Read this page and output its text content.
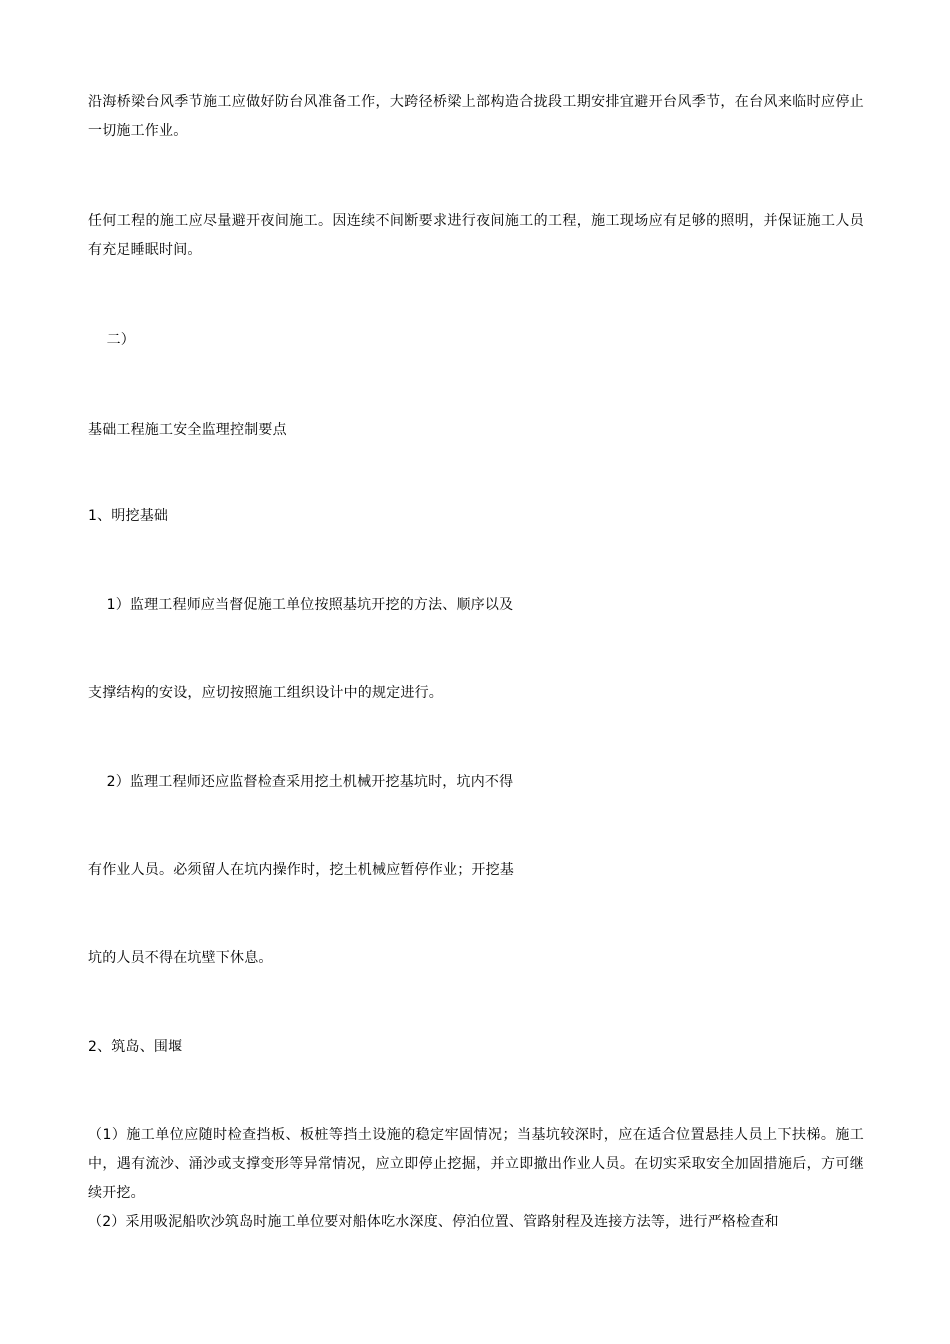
沿海桥梁台风季节施工应做好防台风准备工作，大跨径桥梁上部构造合拢段工期安排宜避开台风季节，在台风来临时应停止一切施工作业。

任何工程的施工应尽量避开夜间施工。因连续不间断要求进行夜间施工的工程，施工现场应有足够的照明，并保证施工人员有充足睡眠时间。

二）

基础工程施工安全监理控制要点

1、明挖基础

1）监理工程师应当督促施工单位按照基坑开挖的方法、顺序以及

支撑结构的安设，应切按照施工组织设计中的规定进行。

2）监理工程师还应监督检查采用挖土机械开挖基坑时，坑内不得

有作业人员。必须留人在坑内操作时，挖土机械应暂停作业；开挖基

坑的人员不得在坑壁下休息。

2、筑岛、围堰

（1）施工单位应随时检查挡板、板桩等挡土设施的稳定牢固情况；当基坑较深时，应在适合位置悬挂人员上下扶梯。施工中，遇有流沙、涌沙或支撑变形等异常情况，应立即停止挖掘，并立即撤出作业人员。在切实采取安全加固措施后，方可继续开挖。

（2）采用吸泥船吹沙筑岛时施工单位要对船体吃水深度、停泊位置、管路射程及连接方法等，进行严格检查和
